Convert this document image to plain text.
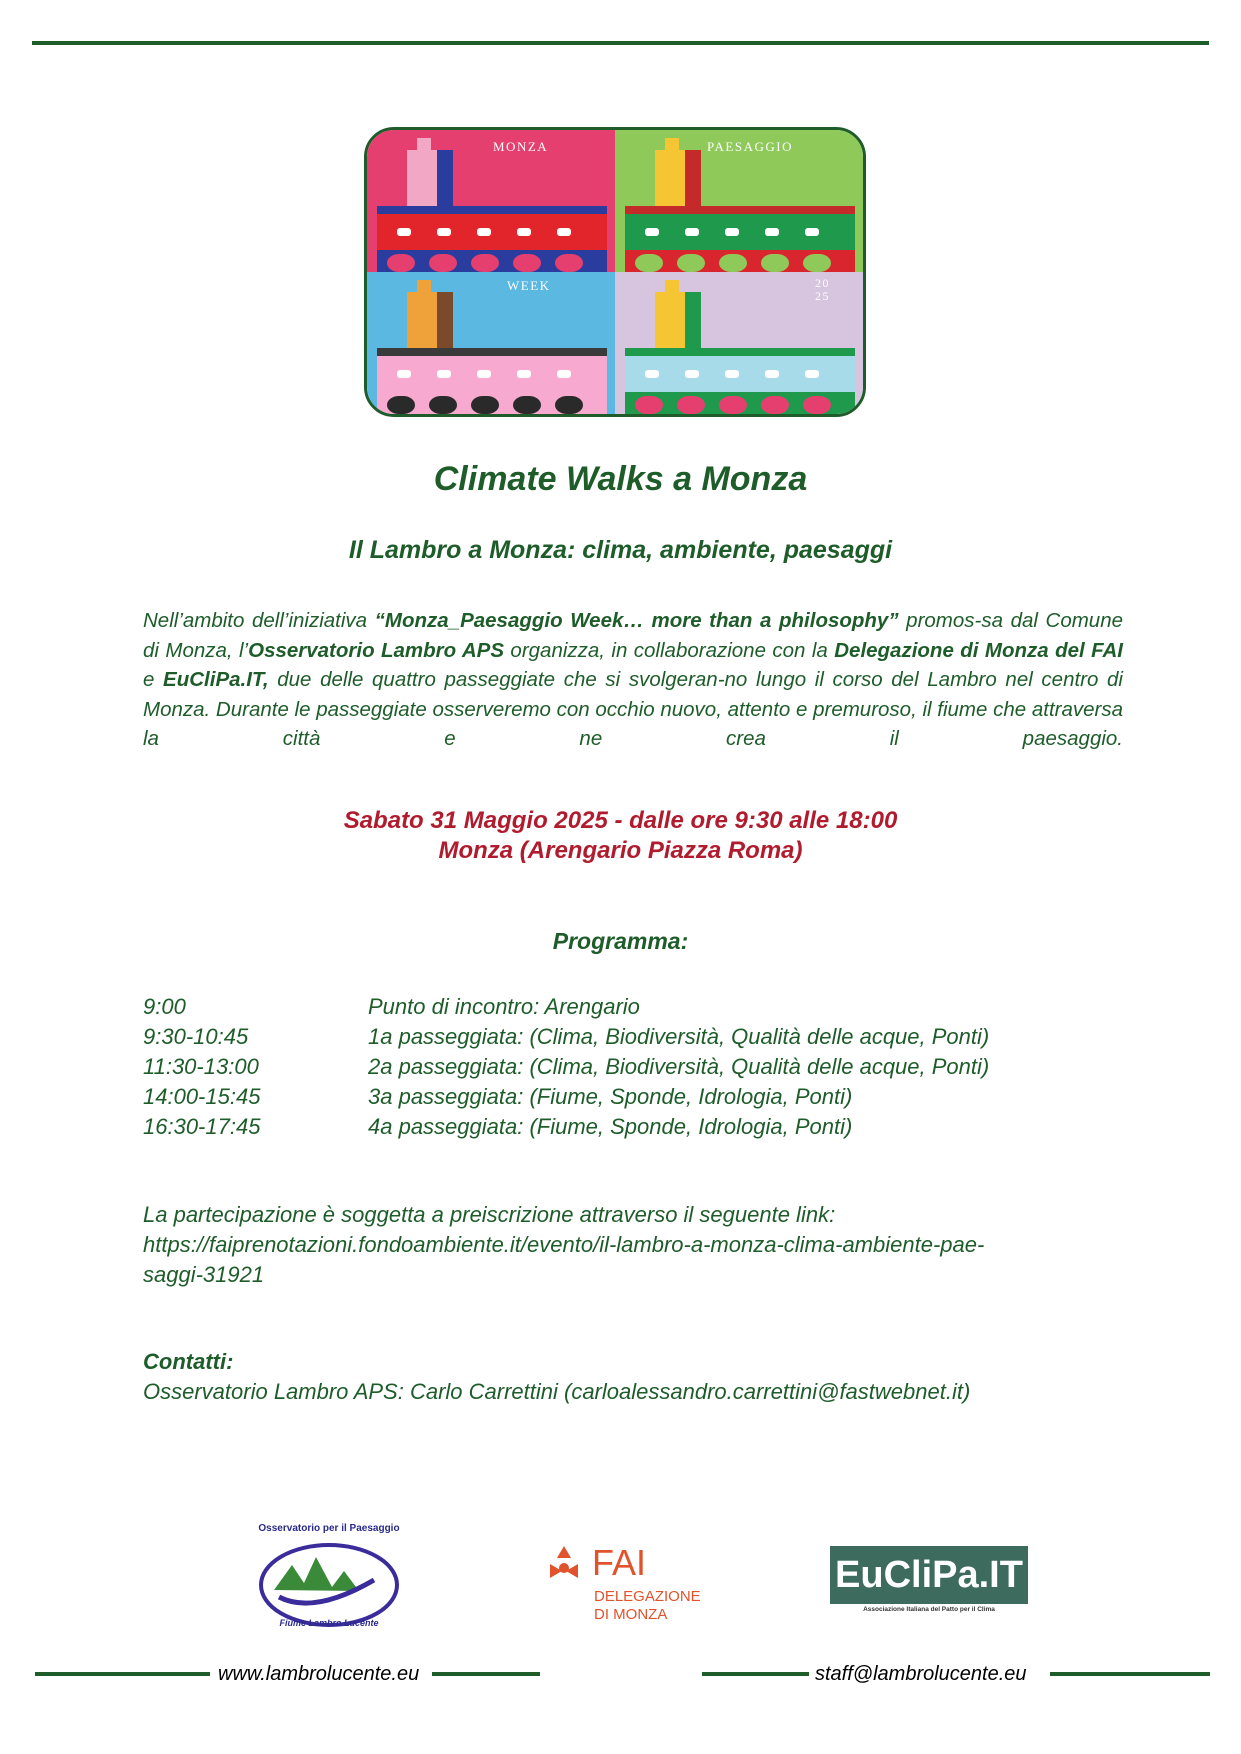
MONZA	PAESAGGIO
WEEK	20
25
Climate Walks a Monza
Il Lambro a Monza: clima, ambiente, paesaggi
Nell’ambito dell’iniziativa “Monza_Paesaggio Week… more than a philosophy” promos-sa dal Comune di Monza, l’Osservatorio Lambro APS organizza, in collaborazione con la Delegazione di Monza del FAI e EuCliPa.IT, due delle quattro passeggiate che si svolgeran-no lungo il corso del Lambro nel centro di Monza. Durante le passeggiate osserveremo con occhio nuovo, attento e premuroso, il fiume che attraversa la città e ne crea il paesaggio.
Sabato 31 Maggio 2025 - dalle ore 9:30 alle 18:00
Monza (Arengario Piazza Roma)
Programma:
9:00	Punto di incontro: Arengario
9:30-10:45	1a passeggiata: (Clima, Biodiversità, Qualità delle acque, Ponti)
11:30-13:00	2a passeggiata: (Clima, Biodiversità, Qualità delle acque, Ponti)
14:00-15:45	3a passeggiata: (Fiume, Sponde, Idrologia, Ponti)
16:30-17:45	4a passeggiata: (Fiume, Sponde, Idrologia, Ponti)
La partecipazione è soggetta a preiscrizione attraverso il seguente link:
https://faiprenotazioni.fondoambiente.it/evento/il-lambro-a-monza-clima-ambiente-pae-
saggi-31921
Contatti:
Osservatorio Lambro APS: Carlo Carrettini (carloalessandro.carrettini@fastwebnet.it)
Osservatorio per il Paesaggio
Fiume Lambro Lucente
FAI
DELEGAZIONE
DI MONZA
EuCliPa.IT
Associazione Italiana del Patto per il Clima
www.lambrolucente.eu	staff@lambrolucente.eu
